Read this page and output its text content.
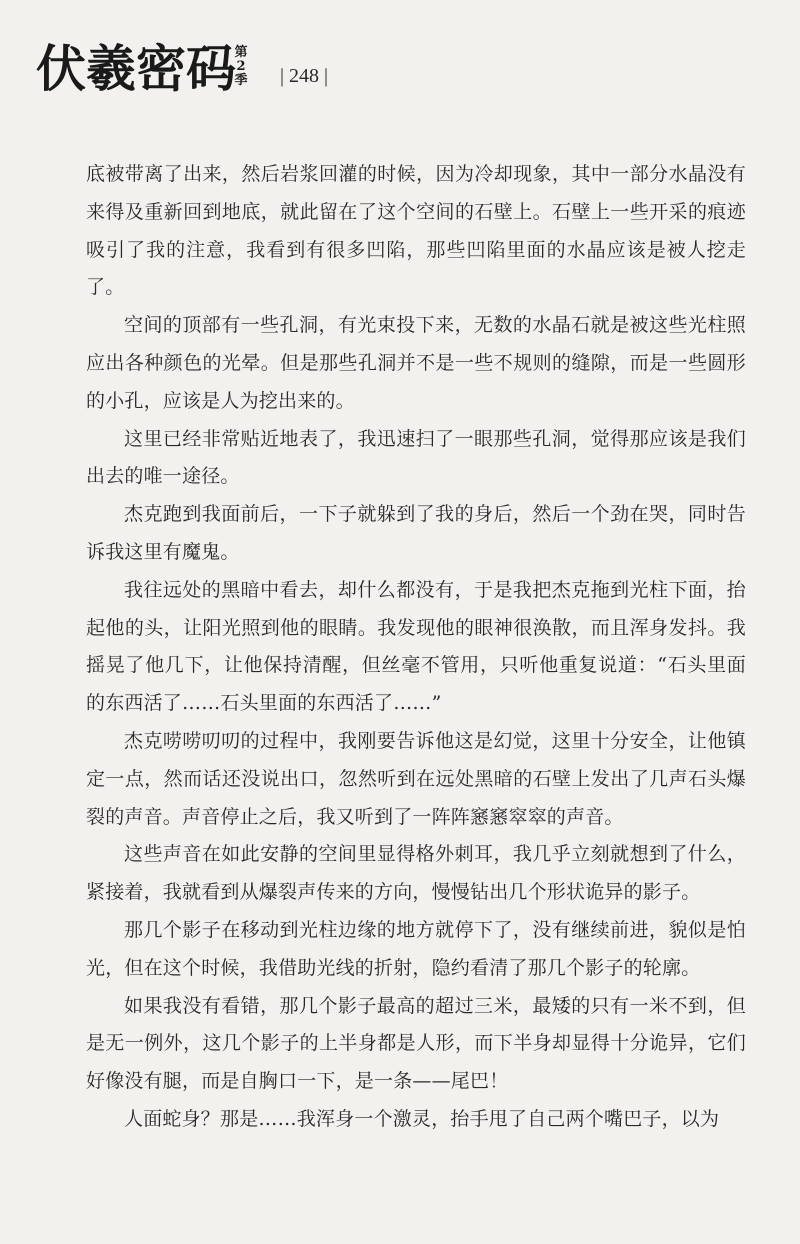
伏羲密码
第
2
季 | 248 |

底被带离了出来，然后岩浆回灌的时候，因为冷却现象，其中一部分水晶没有来得及重新回到地底，就此留在了这个空间的石壁上。石壁上一些开采的痕迹吸引了我的注意，我看到有很多凹陷，那些凹陷里面的水晶应该是被人挖走了。

空间的顶部有一些孔洞，有光束投下来，无数的水晶石就是被这些光柱照应出各种颜色的光晕。但是那些孔洞并不是一些不规则的缝隙，而是一些圆形的小孔，应该是人为挖出来的。

这里已经非常贴近地表了，我迅速扫了一眼那些孔洞，觉得那应该是我们出去的唯一途径。

杰克跑到我面前后，一下子就躲到了我的身后，然后一个劲在哭，同时告诉我这里有魔鬼。

我往远处的黑暗中看去，却什么都没有，于是我把杰克拖到光柱下面，抬起他的头，让阳光照到他的眼睛。我发现他的眼神很涣散，而且浑身发抖。我摇晃了他几下，让他保持清醒，但丝毫不管用，只听他重复说道：“石头里面的东西活了……石头里面的东西活了……”

杰克唠唠叨叨的过程中，我刚要告诉他这是幻觉，这里十分安全，让他镇定一点，然而话还没说出口，忽然听到在远处黑暗的石壁上发出了几声石头爆裂的声音。声音停止之后，我又听到了一阵阵窸窸窣窣的声音。

这些声音在如此安静的空间里显得格外刺耳，我几乎立刻就想到了什么，紧接着，我就看到从爆裂声传来的方向，慢慢钻出几个形状诡异的影子。

那几个影子在移动到光柱边缘的地方就停下了，没有继续前进，貌似是怕光，但在这个时候，我借助光线的折射，隐约看清了那几个影子的轮廓。

如果我没有看错，那几个影子最高的超过三米，最矮的只有一米不到，但是无一例外，这几个影子的上半身都是人形，而下半身却显得十分诡异，它们好像没有腿，而是自胸口一下，是一条——尾巴！

人面蛇身？那是……我浑身一个激灵，抬手甩了自己两个嘴巴子，以为
